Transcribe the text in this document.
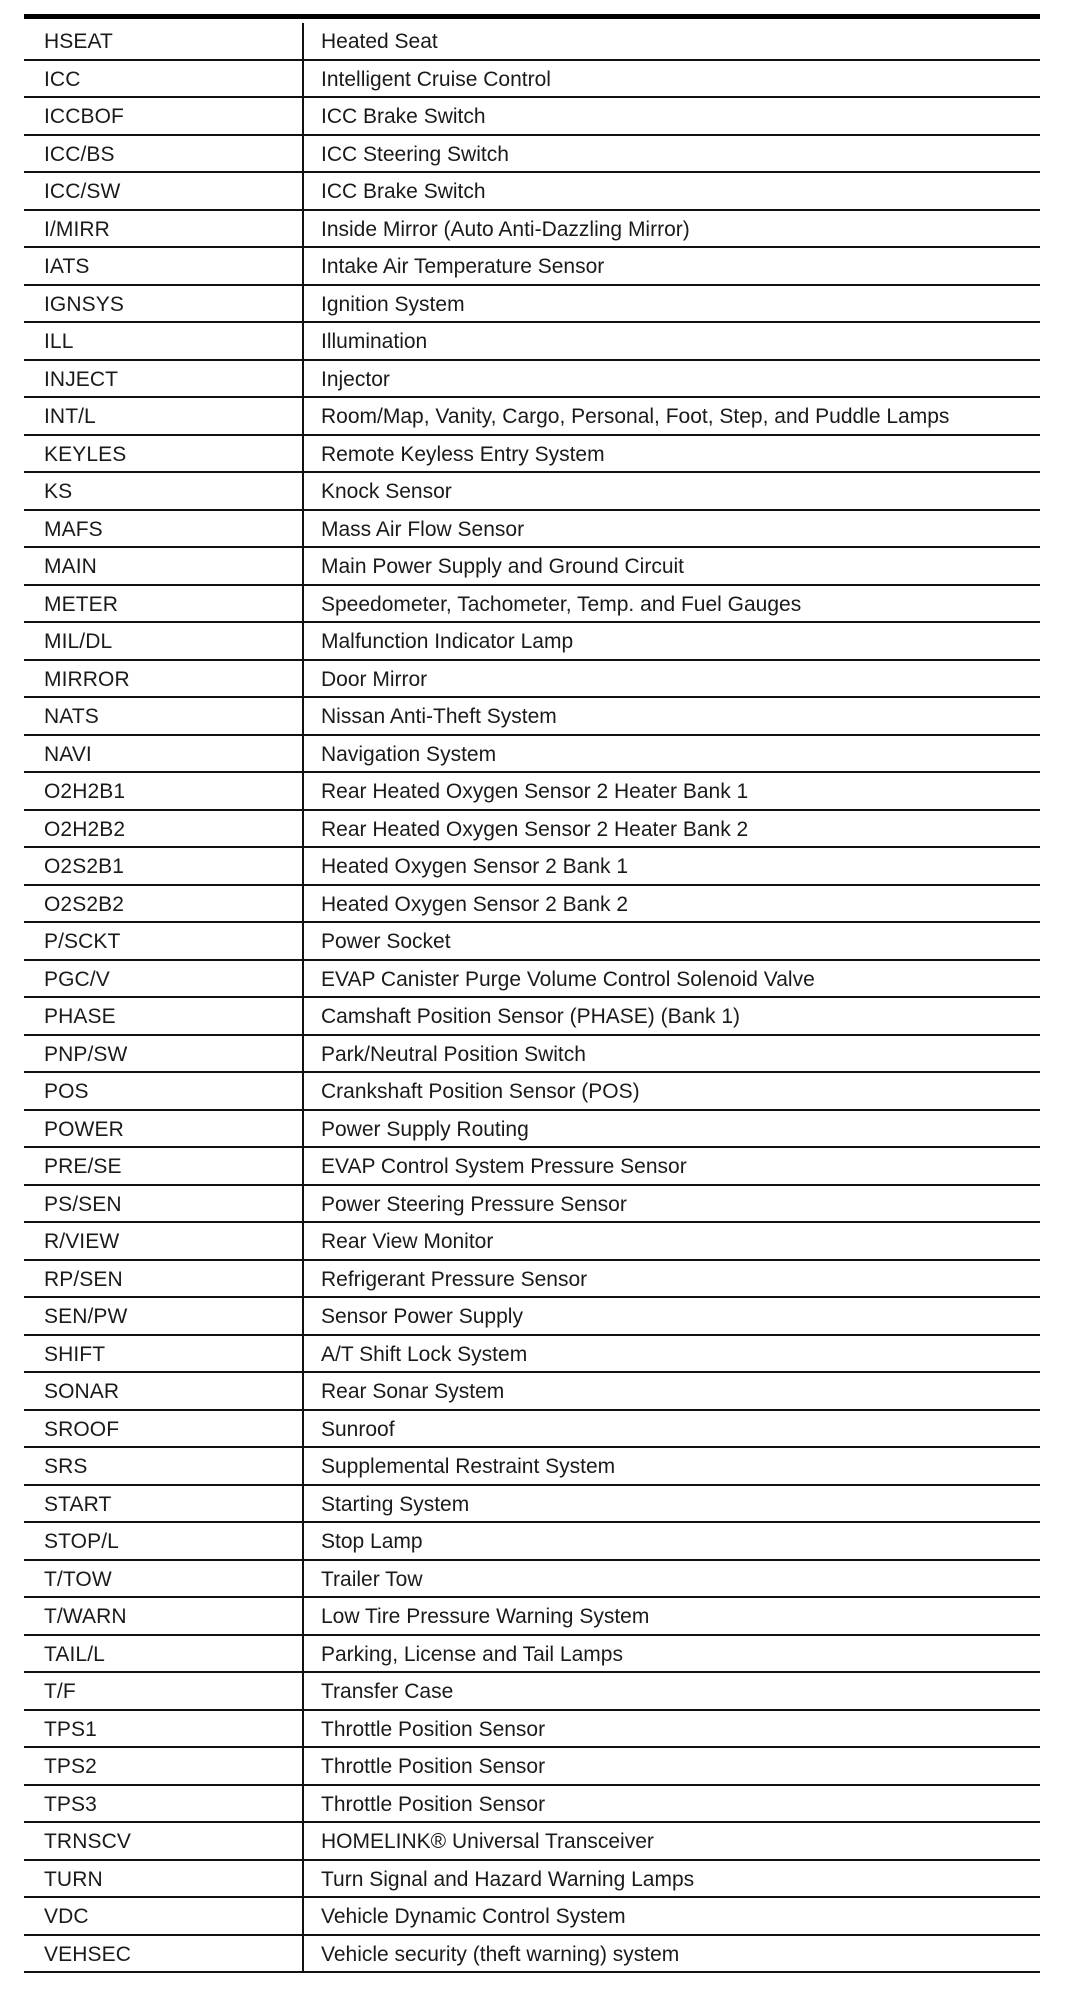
HSEAT	Heated Seat
ICC	Intelligent Cruise Control
ICCBOF	ICC Brake Switch
ICC/BS	ICC Steering Switch
ICC/SW	ICC Brake Switch
I/MIRR	Inside Mirror (Auto Anti-Dazzling Mirror)
IATS	Intake Air Temperature Sensor
IGNSYS	Ignition System
ILL	Illumination
INJECT	Injector
INT/L	Room/Map, Vanity, Cargo, Personal, Foot, Step, and Puddle Lamps
KEYLES	Remote Keyless Entry System
KS	Knock Sensor
MAFS	Mass Air Flow Sensor
MAIN	Main Power Supply and Ground Circuit
METER	Speedometer, Tachometer, Temp. and Fuel Gauges
MIL/DL	Malfunction Indicator Lamp
MIRROR	Door Mirror
NATS	Nissan Anti-Theft System
NAVI	Navigation System
O2H2B1	Rear Heated Oxygen Sensor 2 Heater Bank 1
O2H2B2	Rear Heated Oxygen Sensor 2 Heater Bank 2
O2S2B1	Heated Oxygen Sensor 2 Bank 1
O2S2B2	Heated Oxygen Sensor 2 Bank 2
P/SCKT	Power Socket
PGC/V	EVAP Canister Purge Volume Control Solenoid Valve
PHASE	Camshaft Position Sensor (PHASE) (Bank 1)
PNP/SW	Park/Neutral Position Switch
POS	Crankshaft Position Sensor (POS)
POWER	Power Supply Routing
PRE/SE	EVAP Control System Pressure Sensor
PS/SEN	Power Steering Pressure Sensor
R/VIEW	Rear View Monitor
RP/SEN	Refrigerant Pressure Sensor
SEN/PW	Sensor Power Supply
SHIFT	A/T Shift Lock System
SONAR	Rear Sonar System
SROOF	Sunroof
SRS	Supplemental Restraint System
START	Starting System
STOP/L	Stop Lamp
T/TOW	Trailer Tow
T/WARN	Low Tire Pressure Warning System
TAIL/L	Parking, License and Tail Lamps
T/F	Transfer Case
TPS1	Throttle Position Sensor
TPS2	Throttle Position Sensor
TPS3	Throttle Position Sensor
TRNSCV	HOMELINK® Universal Transceiver
TURN	Turn Signal and Hazard Warning Lamps
VDC	Vehicle Dynamic Control System
VEHSEC	Vehicle security (theft warning) system
